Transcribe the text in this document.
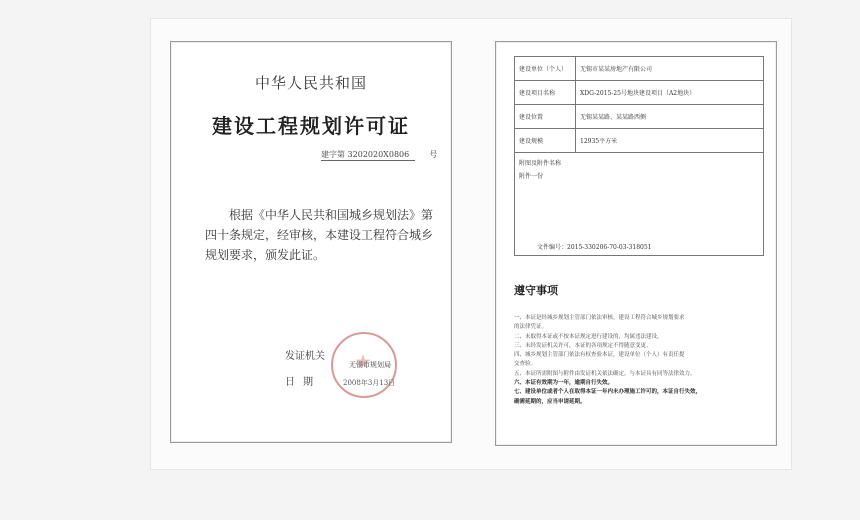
中华人民共和国
建设工程规划许可证
建字第 3202020X0806	号
根据《中华人民共和国城乡规划法》第四十条规定，经审核，本建设工程符合城乡规划要求，颁发此证。
发证机关
无锡市规划局
日期	2008年3月13日
建设单位（个人）	无锡市某某房地产有限公司
建设项目名称	XDG-2015-25号地块建设项目（A2地块）
建设位置	无锡某某路、某某路西侧
建设规模	12935平方米

附图及附件名称
附件一份
文件编号：2015-330206-70-03-318051	
遵守事项
一、本证是经城乡规划主管部门依法审核，建设工程符合城乡规划要求
的法律凭证。
二、未取得本证或不按本证规定进行建设的，均属违法建设。
三、未经发证机关许可，本证的各项规定不得随意变更。
四、城乡规划主管部门依法有权查验本证，建设单位（个人）有责任提
交查验。
五、本证所需附图与附件由发证机关依法确定，与本证具有同等法律效力。
六、本证有效期为一年，逾期自行失效。
七、建设单位或者个人在取得本证一年内未办理施工许可的，本证自行失效，
确需延期的，应当申请延期。
